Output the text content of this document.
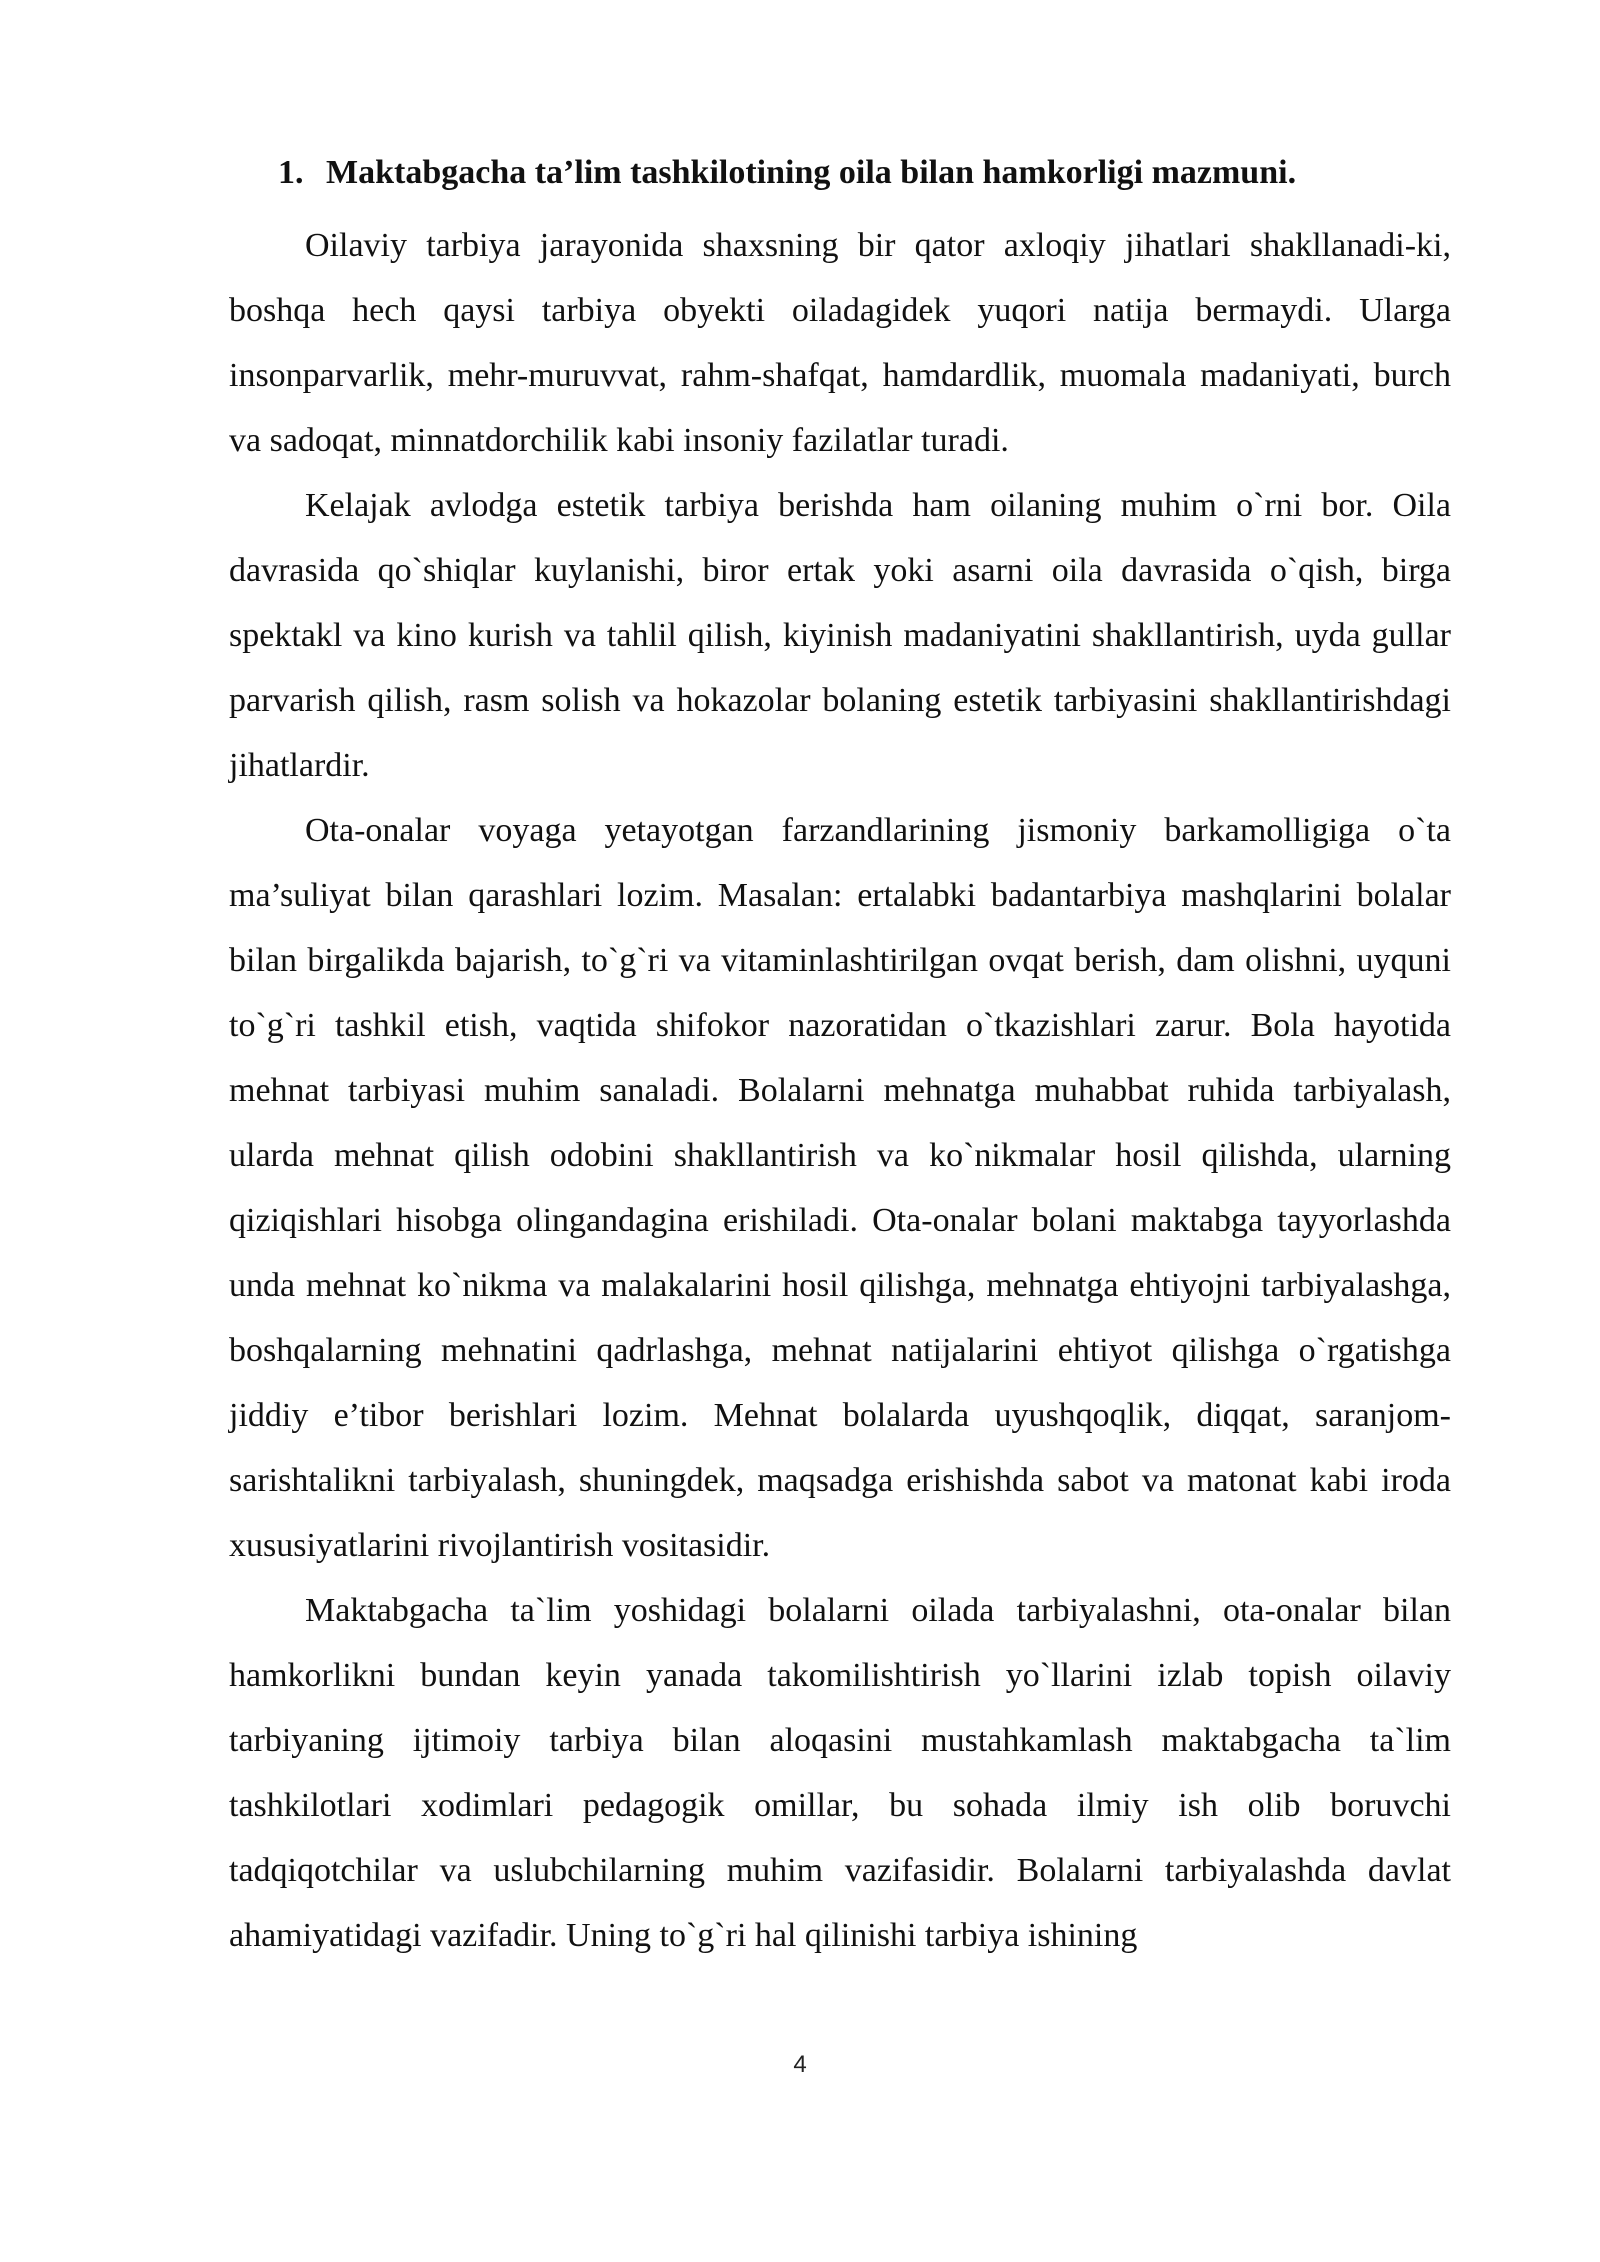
1. Maktabgacha ta’lim tashkilotining oila bilan hamkorligi mazmuni.

Oilaviy tarbiya jarayonida shaxsning bir qator axloqiy jihatlari shakllanadi-ki, boshqa hech qaysi tarbiya obyekti oiladagidek yuqori natija bermaydi. Ularga insonparvarlik, mehr-muruvvat, rahm-shafqat, hamdardlik, muomala madaniyati, burch va sadoqat, minnatdorchilik kabi insoniy fazilatlar turadi.

Kelajak avlodga estetik tarbiya berishda ham oilaning muhim o`rni bor. Oila davrasida qo`shiqlar kuylanishi, biror ertak yoki asarni oila davrasida o`qish, birga spektakl va kino kurish va tahlil qilish, kiyinish madaniyatini shakllantirish, uyda gullar parvarish qilish, rasm solish va hokazolar bolaning estetik tarbiyasini shakllantirishdagi jihatlardir.

Ota-onalar voyaga yetayotgan farzandlarining jismoniy barkamolligiga o`ta ma’suliyat bilan qarashlari lozim. Masalan: ertalabki badantarbiya mashqlarini bolalar bilan birgalikda bajarish, to`g`ri va vitaminlashtirilgan ovqat berish, dam olishni, uyquni to`g`ri tashkil etish, vaqtida shifokor nazoratidan o`tkazishlari zarur. Bola hayotida mehnat tarbiyasi muhim sanaladi. Bolalarni mehnatga muhabbat ruhida tarbiyalash, ularda mehnat qilish odobini shakllantirish va ko`nikmalar hosil qilishda, ularning qiziqishlari hisobga olingandagina erishiladi. Ota-onalar bolani maktabga tayyorlashda unda mehnat ko`nikma va malakalarini hosil qilishga, mehnatga ehtiyojni tarbiyalashga, boshqalarning mehnatini qadrlashga, mehnat natijalarini ehtiyot qilishga o`rgatishga jiddiy e’tibor berishlari lozim. Mehnat bolalarda uyushqoqlik, diqqat, saranjom-sarishtalikni tarbiyalash, shuningdek, maqsadga erishishda sabot va matonat kabi iroda xususiyatlarini rivojlantirish vositasidir.

Maktabgacha ta`lim yoshidagi bolalarni oilada tarbiyalashni, ota-onalar bilan hamkorlikni bundan keyin yanada takomilishtirish yo`llarini izlab topish oilaviy tarbiyaning ijtimoiy tarbiya bilan aloqasini mustahkamlash maktabgacha ta`lim tashkilotlari xodimlari pedagogik omillar, bu sohada ilmiy ish olib boruvchi tadqiqotchilar va uslubchilarning muhim vazifasidir. Bolalarni tarbiyalashda davlat ahamiyatidagi vazifadir. Uning to`g`ri hal qilinishi tarbiya ishining

4
